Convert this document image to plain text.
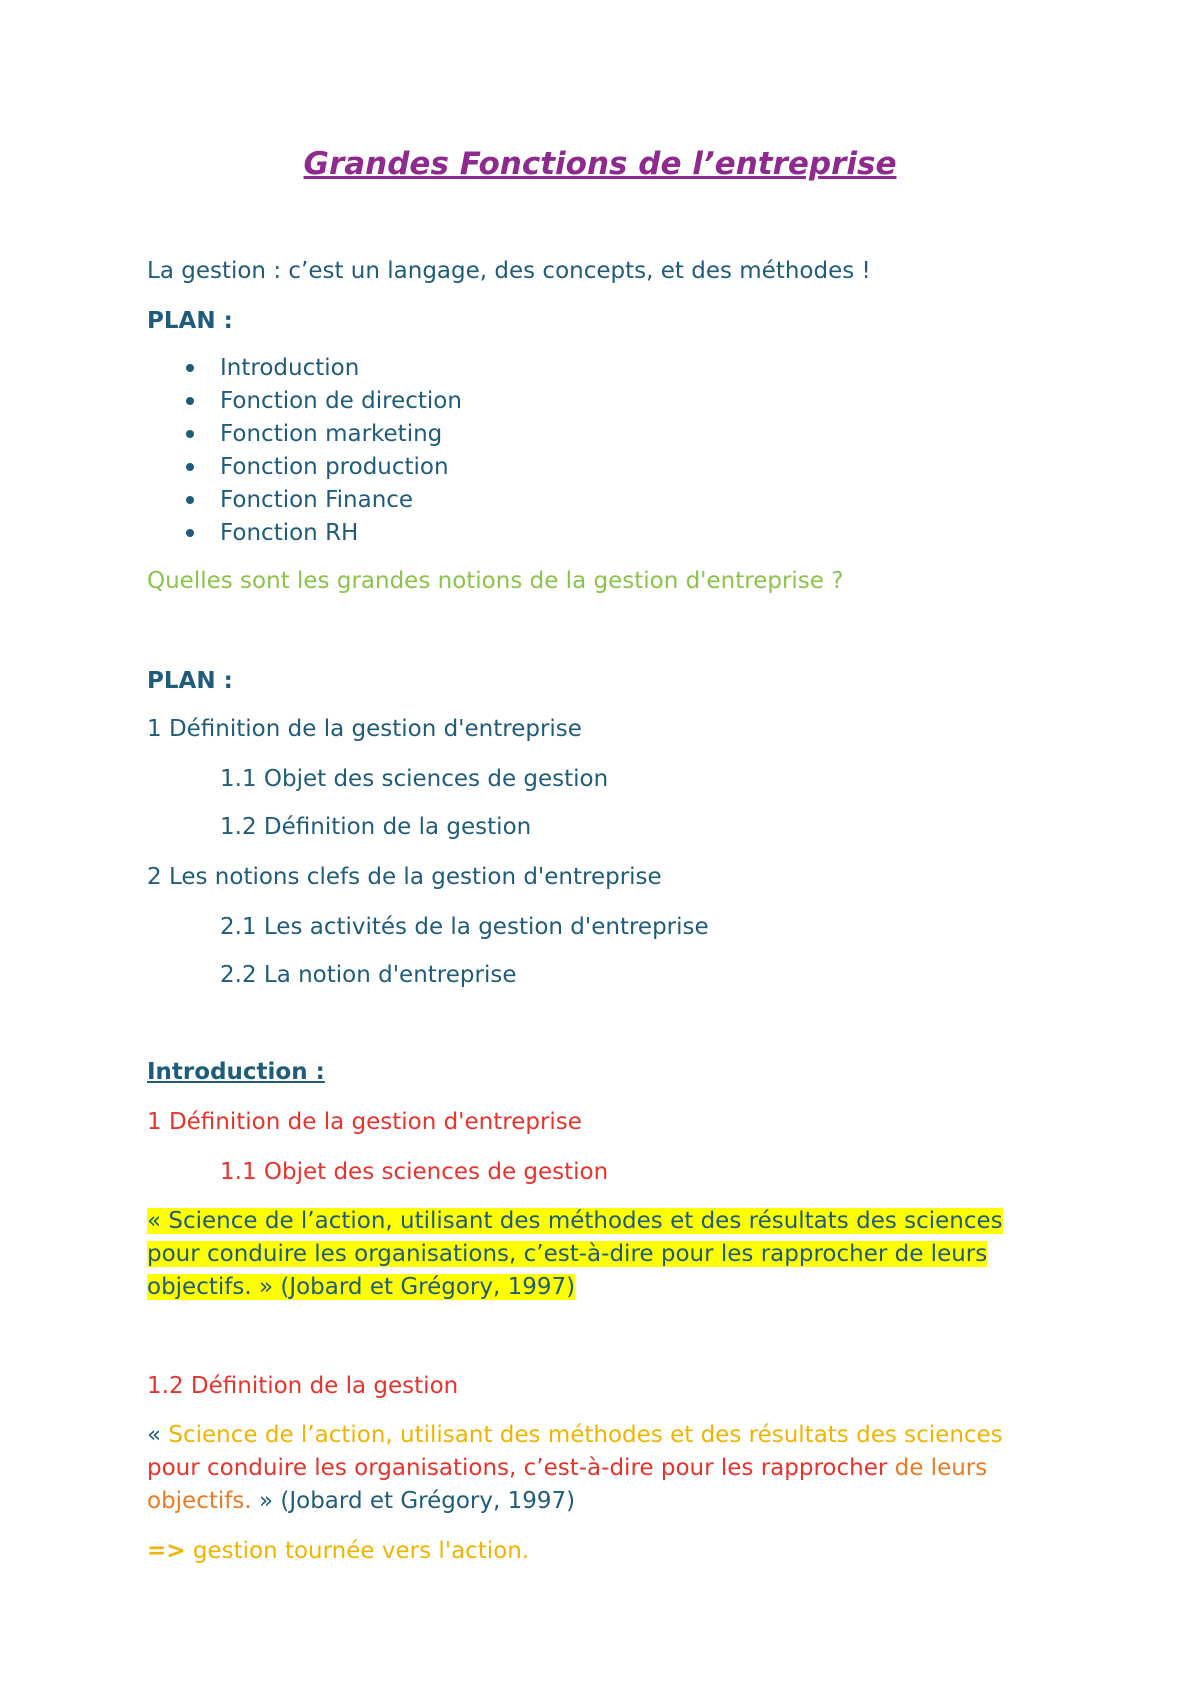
Grandes Fonctions de l’entreprise
La gestion : c’est un langage, des concepts, et des méthodes !
PLAN :
Introduction
Fonction de direction
Fonction marketing
Fonction production
Fonction Finance
Fonction RH
Quelles sont les grandes notions de la gestion d'entreprise ?
PLAN :
1 Définition de la gestion d'entreprise
1.1 Objet des sciences de gestion
1.2 Définition de la gestion
2 Les notions clefs de la gestion d'entreprise
2.1 Les activités de la gestion d'entreprise
2.2 La notion d'entreprise
Introduction :
1 Définition de la gestion d'entreprise
1.1 Objet des sciences de gestion
« Science de l’action, utilisant des méthodes et des résultats des sciences
pour conduire les organisations, c’est-à-dire pour les rapprocher de leurs
objectifs. » (Jobard et Grégory, 1997)
1.2 Définition de la gestion
« Science de l’action, utilisant des méthodes et des résultats des sciences
pour conduire les organisations, c’est-à-dire pour les rapprocher de leurs
objectifs. » (Jobard et Grégory, 1997)
=> gestion tournée vers l'action.
